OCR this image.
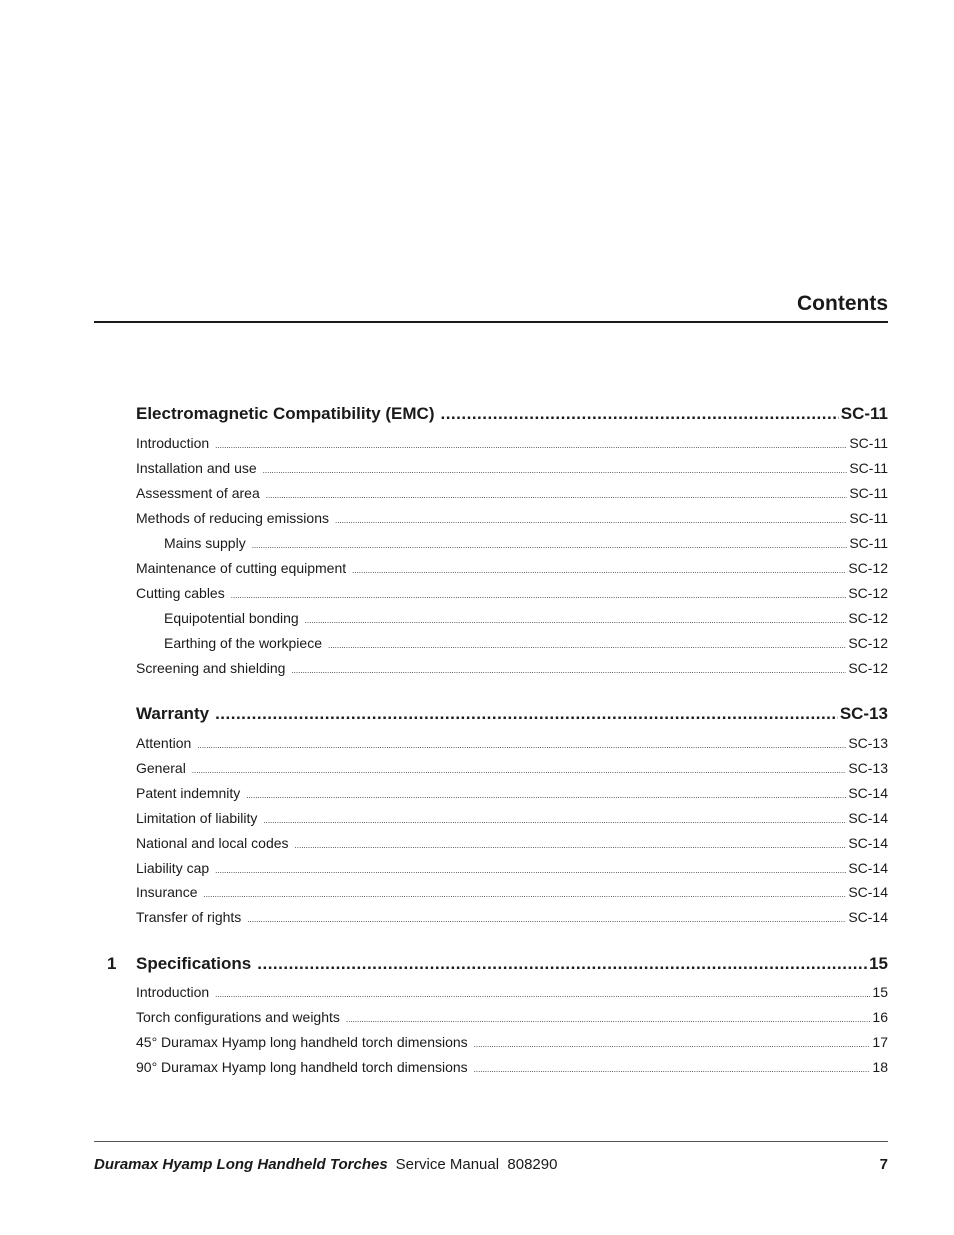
Contents
Electromagnetic Compatibility (EMC) .....	SC-11
Introduction .....	SC-11
Installation and use .....	SC-11
Assessment of area .....	SC-11
Methods of reducing emissions .....	SC-11
Mains supply .....	SC-11
Maintenance of cutting equipment .....	SC-12
Cutting cables .....	SC-12
Equipotential bonding .....	SC-12
Earthing of the workpiece .....	SC-12
Screening and shielding .....	SC-12
Warranty .....	SC-13
Attention .....	SC-13
General .....	SC-13
Patent indemnity .....	SC-14
Limitation of liability .....	SC-14
National and local codes .....	SC-14
Liability cap .....	SC-14
Insurance .....	SC-14
Transfer of rights .....	SC-14
1 Specifications .....	15
Introduction .....	15
Torch configurations and weights .....	16
45° Duramax Hyamp long handheld torch dimensions .....	17
90° Duramax Hyamp long handheld torch dimensions .....	18
Duramax Hyamp Long Handheld Torches Service Manual  808290	7
